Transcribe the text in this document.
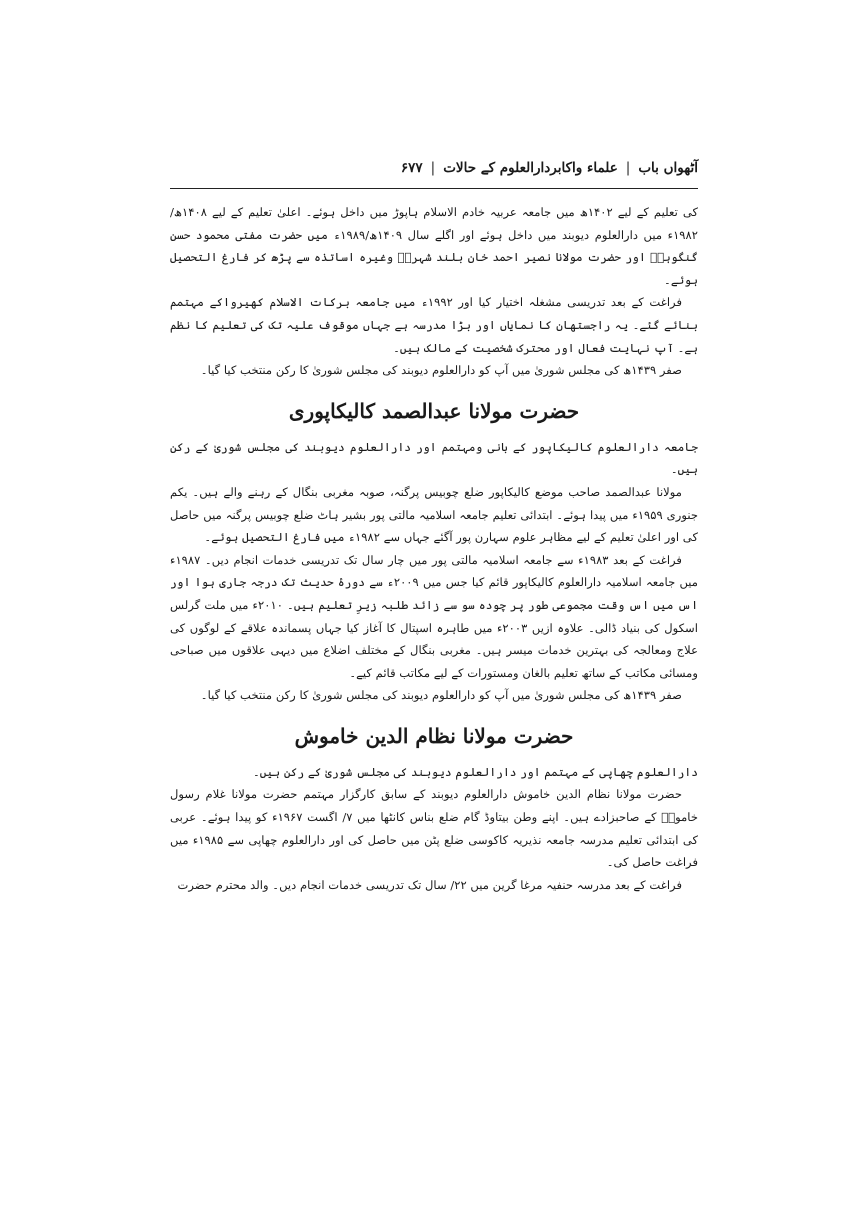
آٹھواں باب
|
علماء واکابردارالعلوم کے حالات
|
۶۷۷

کی تعلیم کے لیے ۱۴۰۲ھ میں جامعہ عربیہ خادم الاسلام ہاپوڑ میں داخل ہوئے۔ اعلیٰ تعلیم کے لیے ۱۴۰۸ھ/۱۹۸۲ء میں دارالعلوم دیوبند میں داخل ہوئے اور اگلے سال ۱۴۰۹ھ/۱۹۸۹ء میں حضرت مفتی محمود حسن گنگوہیؒ اور حضرت مولانا نصیر احمد خان بلند شہریؒ وغیرہ اساتذہ سے پڑھ کر فارغ التحصیل ہوئے۔

فراغت کے بعد تدریسی مشغلہ اختیار کیا اور ۱۹۹۲ء میں جامعہ برکات الاسلام کھیرواکے مہتمم بنائے گئے۔ یہ راجستھان کا نمایاں اور بڑا مدرسہ ہے جہاں موقوف علیہ تک کی تعلیم کا نظم ہے۔ آپ نہایت فعال اور محترک شخصیت کے مالک ہیں۔

صفر ۱۴۳۹ھ کی مجلس شوریٰ میں آپ کو دارالعلوم دیوبند کی مجلس شوریٰ کا رکن منتخب کیا گیا۔

حضرت مولانا عبدالصمد کالیکاپوری

جامعہ دارالعلوم کالیکاپور کے بانی ومہتمم اور دارالعلوم دیوبند کی مجلس شوریٰ کے رکن ہیں۔

مولانا عبدالصمد صاحب موضع کالیکاپور ضلع چوبیس پرگنہ، صوبہ مغربی بنگال کے رہنے والے ہیں۔ یکم جنوری ۱۹۵۹ء میں پیدا ہوئے۔ ابتدائی تعلیم جامعہ اسلامیہ مالتی پور بشیر ہاٹ ضلع چوبیس پرگنہ میں حاصل کی اور اعلیٰ تعلیم کے لیے مظاہر علوم سہارن پور آگئے جہاں سے ۱۹۸۲ء میں فارغ التحصیل ہوئے۔

فراغت کے بعد ۱۹۸۳ء سے جامعہ اسلامیہ مالتی پور میں چار سال تک تدریسی خدمات انجام دیں۔ ۱۹۸۷ء میں جامعہ اسلامیہ دارالعلوم کالیکاپور قائم کیا جس میں ۲۰۰۹ء سے دورۂ حدیث تک درجہ جاری ہوا اور اس میں اس وقت مجموعی طور پر چودہ سو سے زائد طلبہ زیرِ تعلیم ہیں۔ ۲۰۱۰ء میں ملت گرلس اسکول کی بنیاد ڈالی۔ علاوہ ازیں ۲۰۰۳ء میں طاہرہ اسپتال کا آغاز کیا جہاں پسماندہ علاقے کے لوگوں کی علاج ومعالجہ کی بہترین خدمات میسر ہیں۔ مغربی بنگال کے مختلف اضلاع میں دیہی علاقوں میں صباحی ومسائی مکاتب کے ساتھ تعلیم بالغان ومستورات کے لیے مکاتب قائم کیے۔

صفر ۱۴۳۹ھ کی مجلس شوریٰ میں آپ کو دارالعلوم دیوبند کی مجلس شوریٰ کا رکن منتخب کیا گیا۔

حضرت مولانا نظام الدین خاموش

دارالعلوم چھاپی کے مہتمم اور دارالعلوم دیوبند کی مجلس شوریٰ کے رکن ہیں۔

حضرت مولانا نظام الدین خاموش دارالعلوم دیوبند کے سابق کارگزار مہتمم حضرت مولانا غلام رسول خاموشؒ کے صاحبزادے ہیں۔ اپنے وطن بیتاوڈ گام ضلع بناس کانٹھا میں ۷/ اگست ۱۹۶۷ء کو پیدا ہوئے۔ عربی کی ابتدائی تعلیم مدرسہ جامعہ نذیریہ کاکوسی ضلع پٹن میں حاصل کی اور دارالعلوم چھاپی سے ۱۹۸۵ء میں فراغت حاصل کی۔

فراغت کے بعد مدرسہ حنفیہ مرغا گرین میں ۲۲/ سال تک تدریسی خدمات انجام دیں۔ والد محترم حضرت
